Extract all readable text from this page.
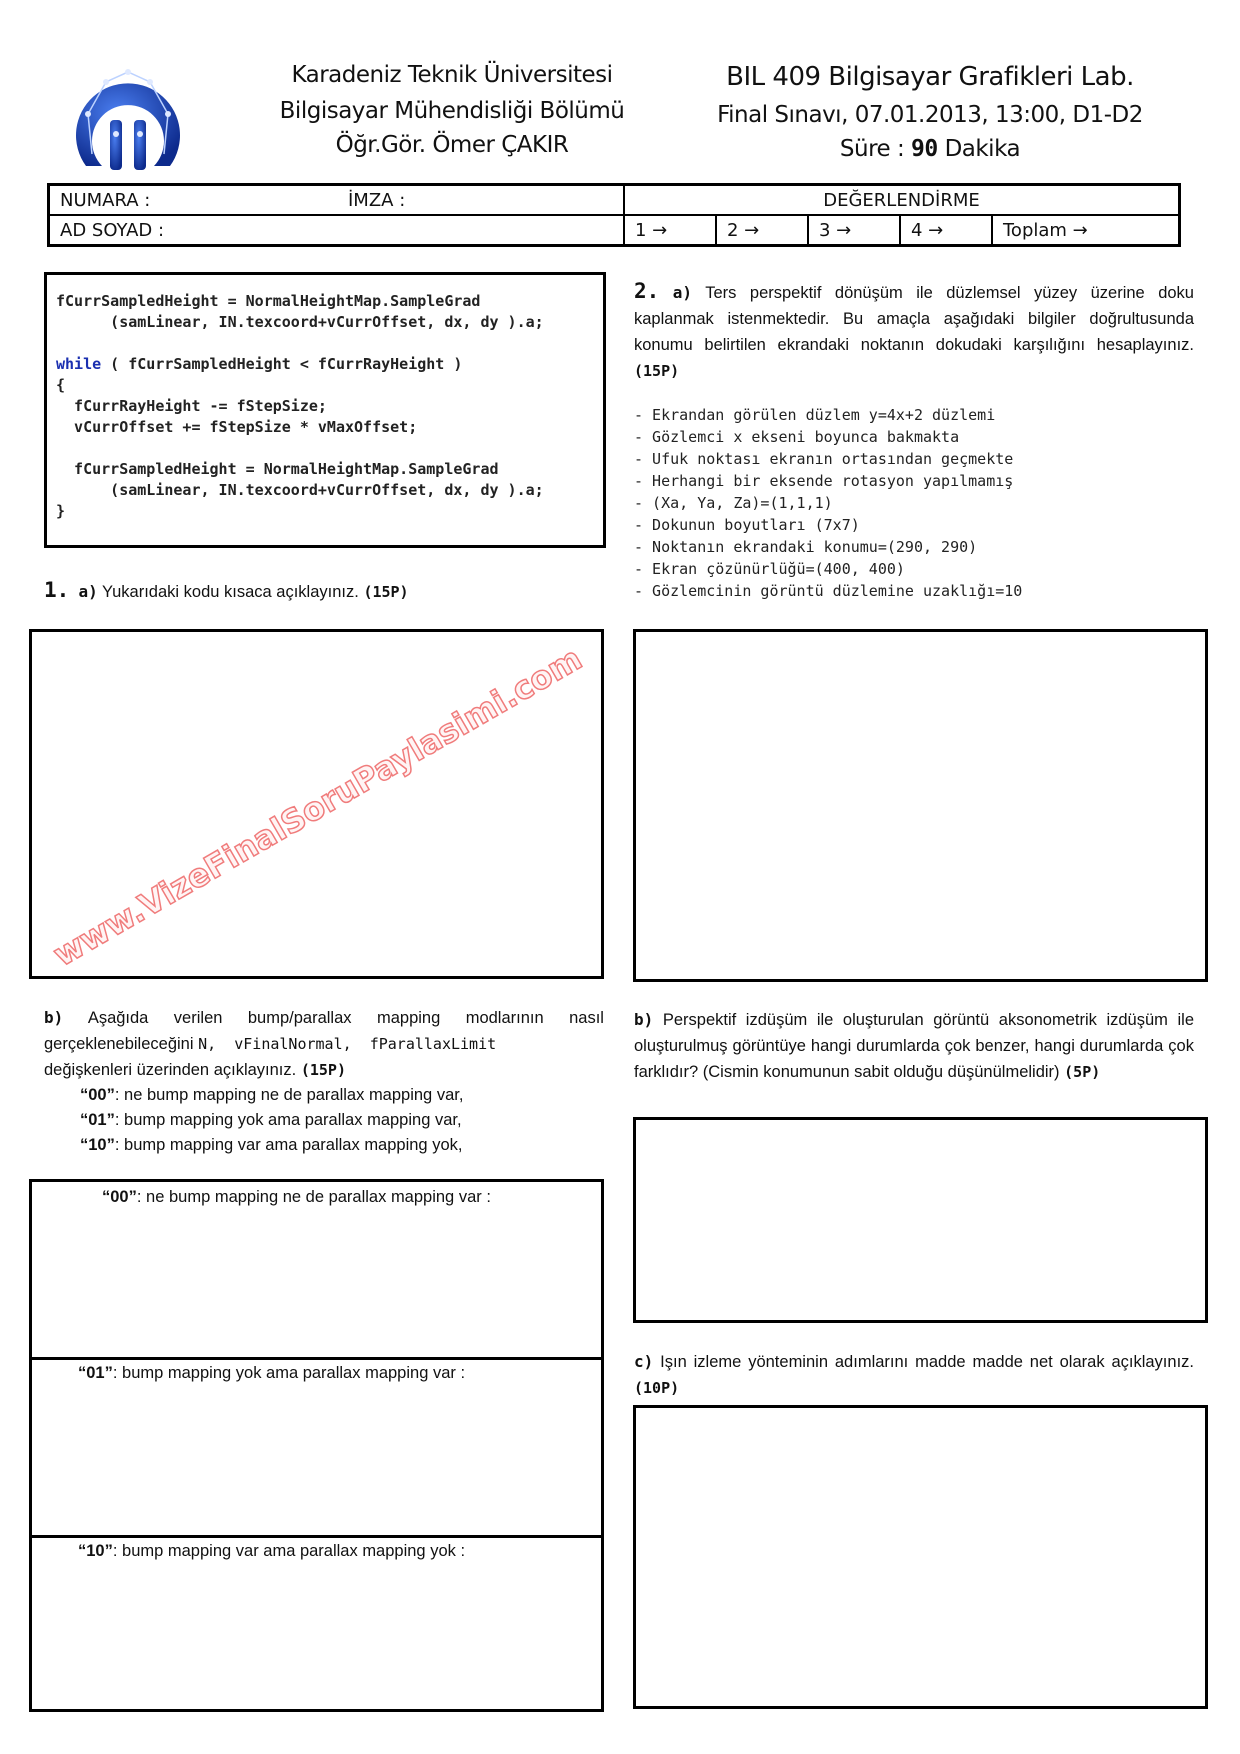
Karadeniz Teknik Üniversitesi
Bilgisayar Mühendisliği Bölümü
Öğr.Gör. Ömer ÇAKIR
BIL 409 Bilgisayar Grafikleri Lab.
Final Sınavı, 07.01.2013, 13:00, D1-D2
Süre : 90 Dakika
NUMARA : İMZA :	DEĞERLENDİRME				
AD SOYAD :	1 →	2 →	3 →	4 →	Toplam →
fCurrSampledHeight = NormalHeightMap.SampleGrad
(samLinear, IN.texcoord+vCurrOffset, dx, dy ).a;

while ( fCurrSampledHeight < fCurrRayHeight )
{
fCurrRayHeight -= fStepSize;
vCurrOffset += fStepSize * vMaxOffset;

fCurrSampledHeight = NormalHeightMap.SampleGrad
(samLinear, IN.texcoord+vCurrOffset, dx, dy ).a;
}
1. a) Yukarıdaki kodu kısaca açıklayınız. (15P)
www.VizeFinalSoruPaylasimi.com
b) Aşağıda verilen bump/parallax mapping modlarının nasıl gerçeklenebileceğini N,  vFinalNormal,  fParallaxLimit
değişkenleri üzerinden açıklayınız. (15P)
“00”: ne bump mapping ne de parallax mapping var,
“01”: bump mapping yok ama parallax mapping var,
“10”: bump mapping var ama parallax mapping yok,
“00”: ne bump mapping ne de parallax mapping var :
“01”: bump mapping yok ama parallax mapping var :
“10”: bump mapping var ama parallax mapping yok :
2. a) Ters perspektif dönüşüm ile düzlemsel yüzey üzerine doku kaplanmak istenmektedir. Bu amaçla aşağıdaki bilgiler doğrultusunda konumu belirtilen ekrandaki noktanın dokudaki karşılığını hesaplayınız. (15P)
- Ekrandan görülen düzlem y=4x+2 düzlemi
- Gözlemci x ekseni boyunca bakmakta
- Ufuk noktası ekranın ortasından geçmekte
- Herhangi bir eksende rotasyon yapılmamış
- (Xa, Ya, Za)=(1,1,1)
- Dokunun boyutları (7x7)
- Noktanın ekrandaki konumu=(290, 290)
- Ekran çözünürlüğü=(400, 400)
- Gözlemcinin görüntü düzlemine uzaklığı=10
b) Perspektif izdüşüm ile oluşturulan görüntü aksonometrik izdüşüm ile oluşturulmuş görüntüye hangi durumlarda çok benzer, hangi durumlarda çok farklıdır? (Cismin konumunun sabit olduğu düşünülmelidir) (5P)
c) Işın izleme yönteminin adımlarını madde madde net olarak açıklayınız. (10P)
